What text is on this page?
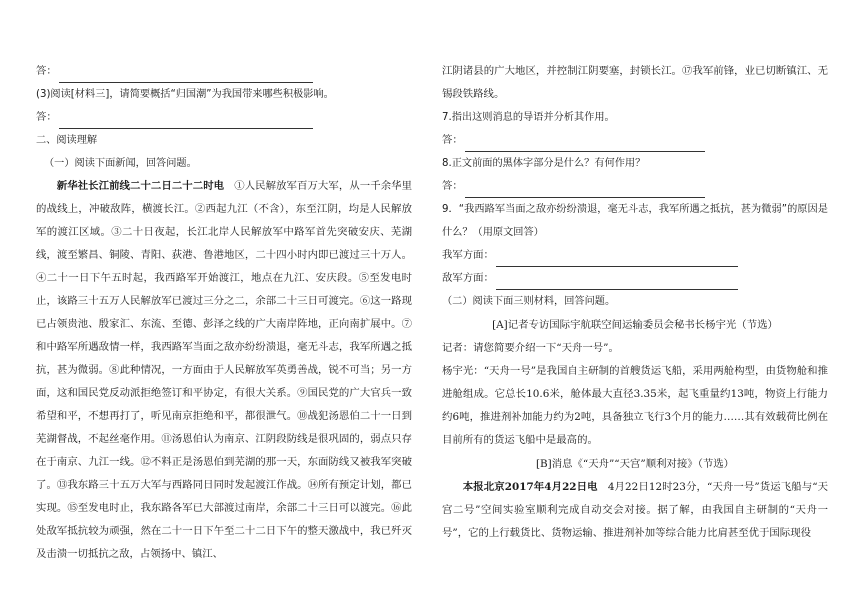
答：

(3)阅读[材料三]，请简要概括“归国潮”为我国带来哪些积极影响。

答：

二、阅读理解

（一）阅读下面新闻，回答问题。

新华社长江前线二十二日二十二时电 ①人民解放军百万大军，从一千余华里的战线上，冲破敌阵，横渡长江。②西起九江（不含），东至江阴，均是人民解放军的渡江区域。③二十日夜起，长江北岸人民解放军中路军首先突破安庆、芜湖线，渡至繁昌、铜陵、青阳、荻港、鲁港地区，二十四小时内即已渡过三十万人。④二十一日下午五时起，我西路军开始渡江，地点在九江、安庆段。⑤至发电时止，该路三十五万人民解放军已渡过三分之二，余部二十三日可渡完。⑥这一路现已占领贵池、殷家汇、东流、至德、彭泽之线的广大南岸阵地，正向南扩展中。⑦和中路军所遇敌情一样，我西路军当面之敌亦纷纷溃退，毫无斗志，我军所遇之抵抗，甚为微弱。⑧此种情况，一方面由于人民解放军英勇善战，锐不可当；另一方面，这和国民党反动派拒绝签订和平协定，有很大关系。⑨国民党的广大官兵一致希望和平，不想再打了，听见南京拒绝和平，都很泄气。⑩战犯汤恩伯二十一日到芜湖督战，不起丝毫作用。⑪汤恩伯认为南京、江阴段防线是很巩固的，弱点只存在于南京、九江一线。⑫不料正是汤恩伯到芜湖的那一天，东面防线又被我军突破了。⑬我东路三十五万大军与西路同日同时发起渡江作战。⑭所有预定计划，都已实现。⑮至发电时止，我东路各军已大部渡过南岸，余部二十三日可以渡完。⑯此处敌军抵抗较为顽强，然在二十一日下午至二十二日下午的整天激战中，我已歼灭及击溃一切抵抗之敌，占领扬中、镇江、

江阴诸县的广大地区，并控制江阴要塞，封锁长江。⑰我军前锋，业已切断镇江、无锡段铁路线。

7.指出这则消息的导语并分析其作用。

答：

8.正文前面的黑体字部分是什么？有何作用？

答：

9．“我西路军当面之敌亦纷纷溃退，毫无斗志，我军所遇之抵抗，甚为微弱”的原因是什么？（用原文回答）

我军方面：

敌军方面：

（二）阅读下面三则材料，回答问题。

[A]记者专访国际宇航联空间运输委员会秘书长杨宇光（节选）

记者：请您简要介绍一下“天舟一号”。

杨宇光：“天舟一号”是我国自主研制的首艘货运飞船，采用两舱构型，由货物舱和推进舱组成。它总长10.6米，舱体最大直径3.35米，起飞重量约13吨，物资上行能力约6吨，推进剂补加能力约为2吨，具备独立飞行3个月的能力……其有效载荷比例在目前所有的货运飞船中是最高的。

[B]消息《“天舟”“天宫”顺利对接》（节选）

本报北京2017年4月22日电 4月22日12时23分，“天舟一号”货运飞船与“天宫二号”空间实验室顺利完成自动交会对接。据了解，由我国自主研制的“天舟一号”，它的上行载货比、货物运输、推进剂补加等综合能力比肩甚至优于国际现役
